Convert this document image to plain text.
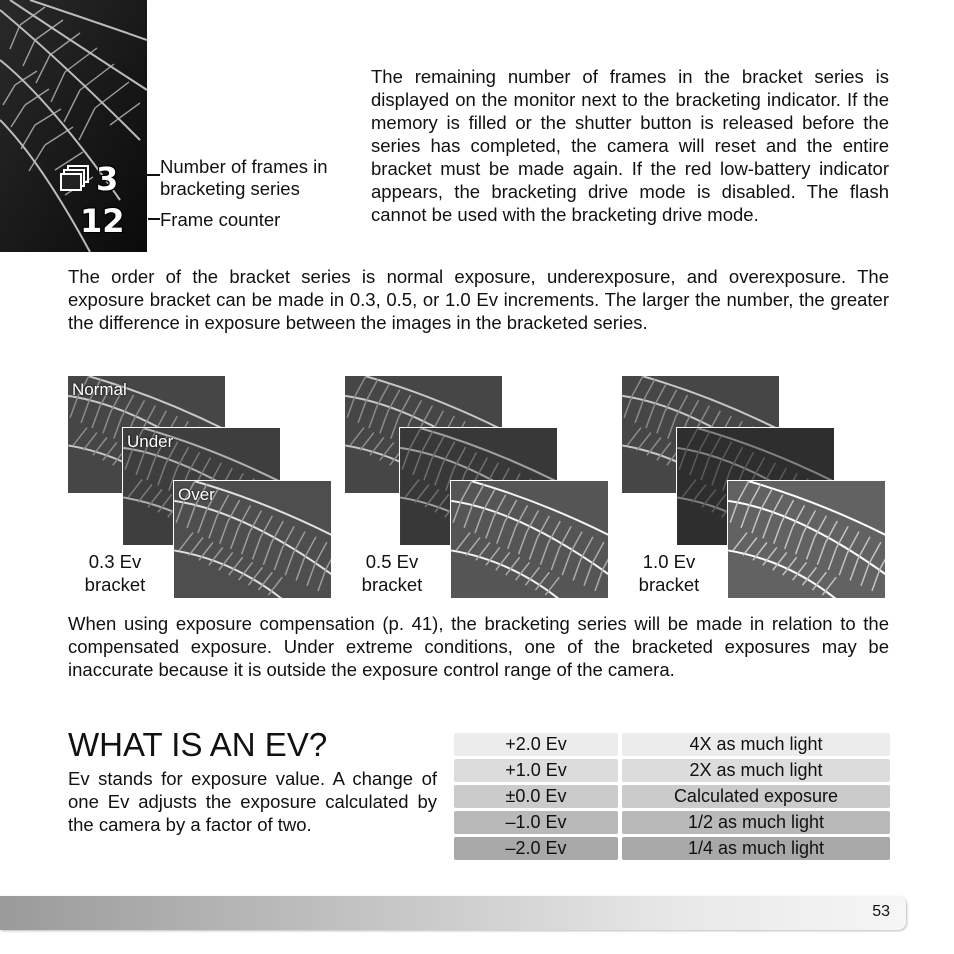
3
12
Number of frames in bracketing series
Frame counter

The remaining number of frames in the bracket series is displayed on the monitor next to the bracketing indicator. If the memory is filled or the shutter button is released before the series has completed, the camera will reset and the entire bracket must be made again. If the red low-battery indicator appears, the bracketing drive mode is disabled. The flash cannot be used with the bracketing drive mode.

The order of the bracket series is normal exposure, underexposure, and overexposure. The exposure bracket can be made in 0.3, 0.5, or 1.0 Ev increments. The larger the number, the greater the difference in exposure between the images in the bracketed series.

Normal
Under
Over
0.3 Ev
bracket
0.5 Ev
bracket
1.0 Ev
bracket

When using exposure compensation (p. 41), the bracketing series will be made in relation to the compensated exposure. Under extreme conditions, one of the bracketed exposures may be inaccurate because it is outside the exposure control range of the camera.

WHAT IS AN EV?

Ev stands for exposure value. A change of one Ev adjusts the exposure calculated by the camera by a factor of two.

+2.0 Ev	4X as much light
+1.0 Ev	2X as much light
±0.0 Ev	Calculated exposure
–1.0 Ev	1/2 as much light
–2.0 Ev	1/4 as much light
53
